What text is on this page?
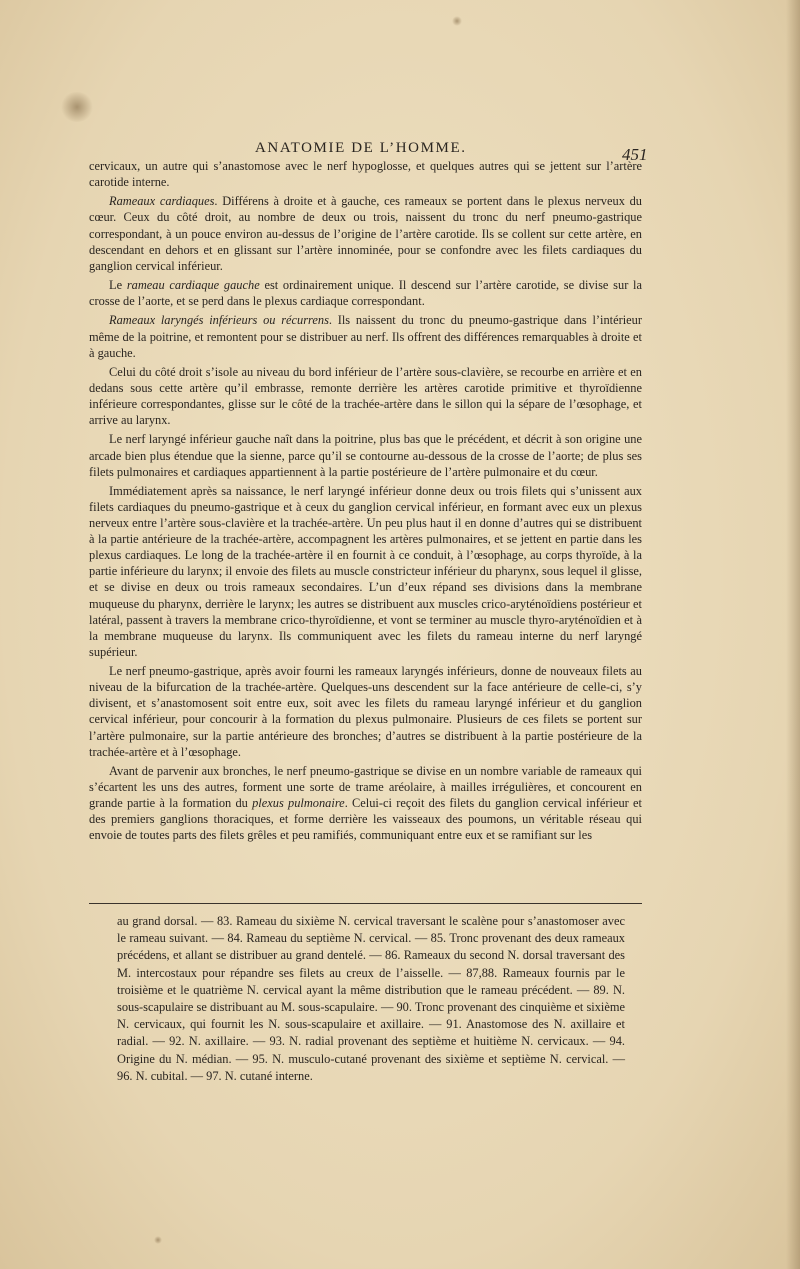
ANATOMIE DE L’HOMME.	451

cervicaux, un autre qui s’anastomose avec le nerf hypoglosse, et quelques autres qui se jettent sur l’artère carotide interne.

Rameaux cardiaques. Différens à droite et à gauche, ces rameaux se portent dans le plexus nerveux du cœur. Ceux du côté droit, au nombre de deux ou trois, naissent du tronc du nerf pneumo-gastrique correspondant, à un pouce environ au-dessus de l’origine de l’artère carotide. Ils se collent sur cette artère, en descendant en dehors et en glissant sur l’artère innominée, pour se confondre avec les filets cardiaques du ganglion cervical inférieur.

Le rameau cardiaque gauche est ordinairement unique. Il descend sur l’artère carotide, se divise sur la crosse de l’aorte, et se perd dans le plexus cardiaque correspondant.

Rameaux laryngés inférieurs ou récurrens. Ils naissent du tronc du pneumo-gastrique dans l’intérieur même de la poitrine, et remontent pour se distribuer au nerf. Ils offrent des différences remarquables à droite et à gauche.

Celui du côté droit s’isole au niveau du bord inférieur de l’artère sous-clavière, se recourbe en arrière et en dedans sous cette artère qu’il embrasse, remonte derrière les artères carotide primitive et thyroïdienne inférieure correspondantes, glisse sur le côté de la trachée-artère dans le sillon qui la sépare de l’œsophage, et arrive au larynx.

Le nerf laryngé inférieur gauche naît dans la poitrine, plus bas que le précédent, et décrit à son origine une arcade bien plus étendue que la sienne, parce qu’il se contourne au-dessous de la crosse de l’aorte; de plus ses filets pulmonaires et cardiaques appartiennent à la partie postérieure de l’artère pulmonaire et du cœur.

Immédiatement après sa naissance, le nerf laryngé inférieur donne deux ou trois filets qui s’unissent aux filets cardiaques du pneumo-gastrique et à ceux du ganglion cervical inférieur, en formant avec eux un plexus nerveux entre l’artère sous-clavière et la trachée-artère. Un peu plus haut il en donne d’autres qui se distribuent à la partie antérieure de la trachée-artère, accompagnent les artères pulmonaires, et se jettent en partie dans les plexus cardiaques. Le long de la trachée-artère il en fournit à ce conduit, à l’œsophage, au corps thyroïde, à la partie inférieure du larynx; il envoie des filets au muscle constricteur inférieur du pharynx, sous lequel il glisse, et se divise en deux ou trois rameaux secondaires. L’un d’eux répand ses divisions dans la membrane muqueuse du pharynx, derrière le larynx; les autres se distribuent aux muscles crico-aryténoïdiens postérieur et latéral, passent à travers la membrane crico-thyroïdienne, et vont se terminer au muscle thyro-aryténoïdien et à la membrane muqueuse du larynx. Ils communiquent avec les filets du rameau interne du nerf laryngé supérieur.

Le nerf pneumo-gastrique, après avoir fourni les rameaux laryngés inférieurs, donne de nouveaux filets au niveau de la bifurcation de la trachée-artère. Quelques-uns descendent sur la face antérieure de celle-ci, s’y divisent, et s’anastomosent soit entre eux, soit avec les filets du rameau laryngé inférieur et du ganglion cervical inférieur, pour concourir à la formation du plexus pulmonaire. Plusieurs de ces filets se portent sur l’artère pulmonaire, sur la partie antérieure des bronches; d’autres se distribuent à la partie postérieure de la trachée-artère et à l’œsophage.

Avant de parvenir aux bronches, le nerf pneumo-gastrique se divise en un nombre variable de rameaux qui s’écartent les uns des autres, forment une sorte de trame aréolaire, à mailles irrégulières, et concourent en grande partie à la formation du plexus pulmonaire. Celui-ci reçoit des filets du ganglion cervical inférieur et des premiers ganglions thoraciques, et forme derrière les vaisseaux des poumons, un véritable réseau qui envoie de toutes parts des filets grêles et peu ramifiés, communiquant entre eux et se ramifiant sur les

au grand dorsal. — 83. Rameau du sixième N. cervical traversant le scalène pour s’anastomoser avec le rameau suivant. — 84. Rameau du septième N. cervical. — 85. Tronc provenant des deux rameaux précédens, et allant se distribuer au grand dentelé. — 86. Rameaux du second N. dorsal traversant des M. intercostaux pour répandre ses filets au creux de l’aisselle. — 87,88. Rameaux fournis par le troisième et le quatrième N. cervical ayant la même distribution que le rameau précédent. — 89. N. sous-scapulaire se distribuant au M. sous-scapulaire. — 90. Tronc provenant des cinquième et sixième N. cervicaux, qui fournit les N. sous-scapulaire et axillaire. — 91. Anastomose des N. axillaire et radial. — 92. N. axillaire. — 93. N. radial provenant des septième et huitième N. cervicaux. — 94. Origine du N. médian. — 95. N. musculo-cutané provenant des sixième et septième N. cervical. — 96. N. cubital. — 97. N. cutané interne.
